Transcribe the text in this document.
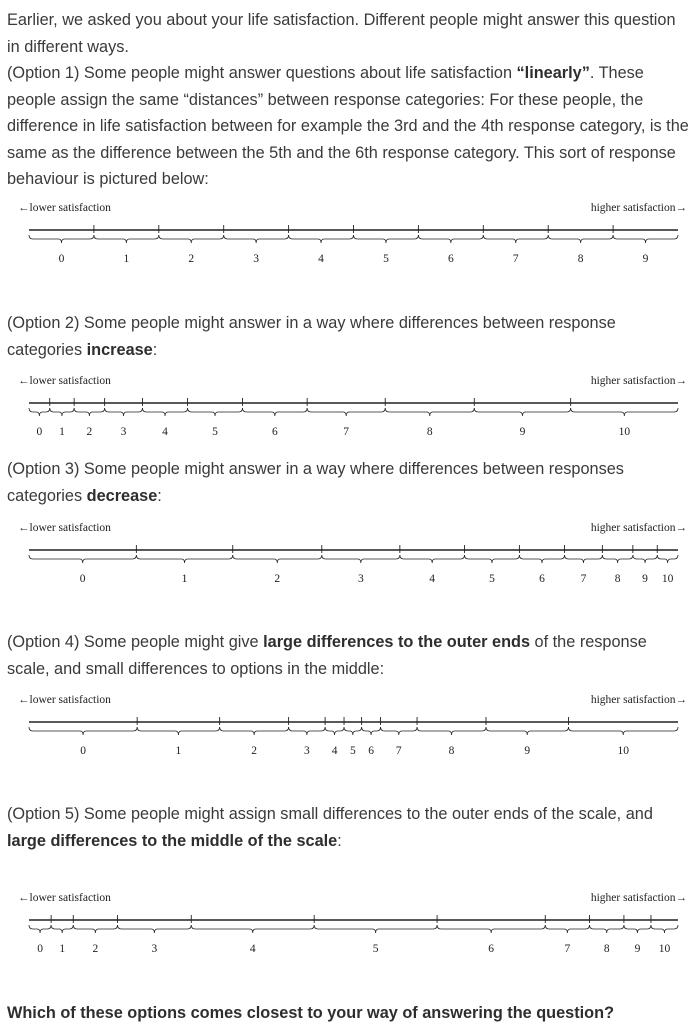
Earlier, we asked you about your life satisfaction. Different people might answer this question in different ways.
(Option 1) Some people might answer questions about life satisfaction “linearly”. These people assign the same “distances” between response categories: For these people, the difference in life satisfaction between for example the 3rd and the 4th response category, is the same as the difference between the 5th and the 6th response category. This sort of response behaviour is pictured below:

(Option 2) Some people might answer in a way where differences between response categories increase:

(Option 3) Some people might answer in a way where differences between responses categories decrease:

(Option 4) Some people might give large differences to the outer ends of the response scale, and small differences to options in the middle:

(Option 5) Some people might assign small differences to the outer ends of the scale, and large differences to the middle of the scale:

Which of these options comes closest to your way of answering the question?

←lower satisfaction	higher satisfaction→
0	1	2	3	4	5	6	7	8	9
←lower satisfaction	higher satisfaction→
0 1 2 3	4	5	6	7	8	9	10
←lower satisfaction	higher satisfaction→
0	1	2	3	4	5	6	7 8 9 10
←lower satisfaction	higher satisfaction→
0	1	2	3 4 5 6 7	8	9	10
←lower satisfaction	higher satisfaction→
0 1 2	3	4	5	6	7	8 9 10
